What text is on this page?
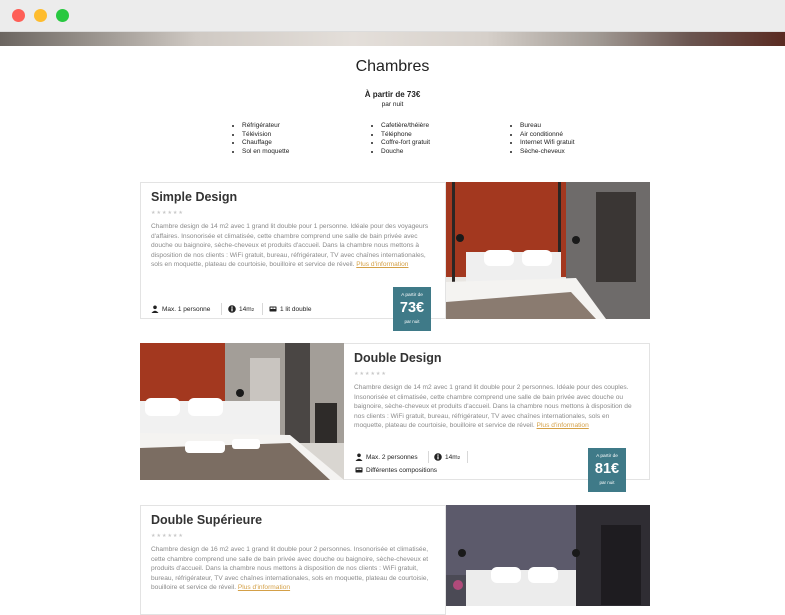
Chambres
À partir de 73€
par nuit
• Réfrigérateur
• Télévision
• Chauffage
• Sol en moquette
• Cafetière/théière
• Téléphone
• Coffre-fort gratuit
• Douche
• Bureau
• Air conditionné
• Internet Wifi gratuit
• Sèche-cheveux
Simple Design
★★★★★★
Chambre design de 14 m2 avec 1 grand lit double pour 1 personne. Idéale pour des voyageurs d'affaires. Insonorisée et climatisée, cette chambre comprend une salle de bain privée avec douche ou baignoire, sèche-cheveux et produits d'accueil. Dans la chambre nous mettons à disposition de nos clients : WiFi gratuit, bureau, réfrigérateur, TV avec chaînes internationales, sols en moquette, plateau de courtoisie, bouilloire et service de réveil. Plus d'information
Max. 1 personne	14m 2	1 lit double
A partir de
73€
par nuit
Double Design
★★★★★★
Chambre design de 14 m2 avec 1 grand lit double pour 2 personnes. Idéale pour des couples. Insonorisée et climatisée, cette chambre comprend une salle de bain privée avec douche ou baignoire, sèche-cheveux et produits d'accueil. Dans la chambre nous mettons à disposition de nos clients : WiFi gratuit, bureau, réfrigérateur, TV avec chaînes internationales, sols en moquette, plateau de courtoisie, bouilloire et service de réveil. Plus d'information
Max. 2 personnes	14m 2
Différentes compositions
A partir de
81€
par nuit
Double Supérieure
★★★★★★
Chambre design de 16 m2 avec 1 grand lit double pour 2 personnes. Insonorisée et climatisée, cette chambre comprend une salle de bain privée avec douche ou baignoire, sèche-cheveux et produits d'accueil. Dans la chambre nous mettons à disposition de nos clients : WiFi gratuit, bureau, réfrigérateur, TV avec chaînes internationales, sols en moquette, plateau de courtoisie, bouilloire et service de réveil. Plus d'information
